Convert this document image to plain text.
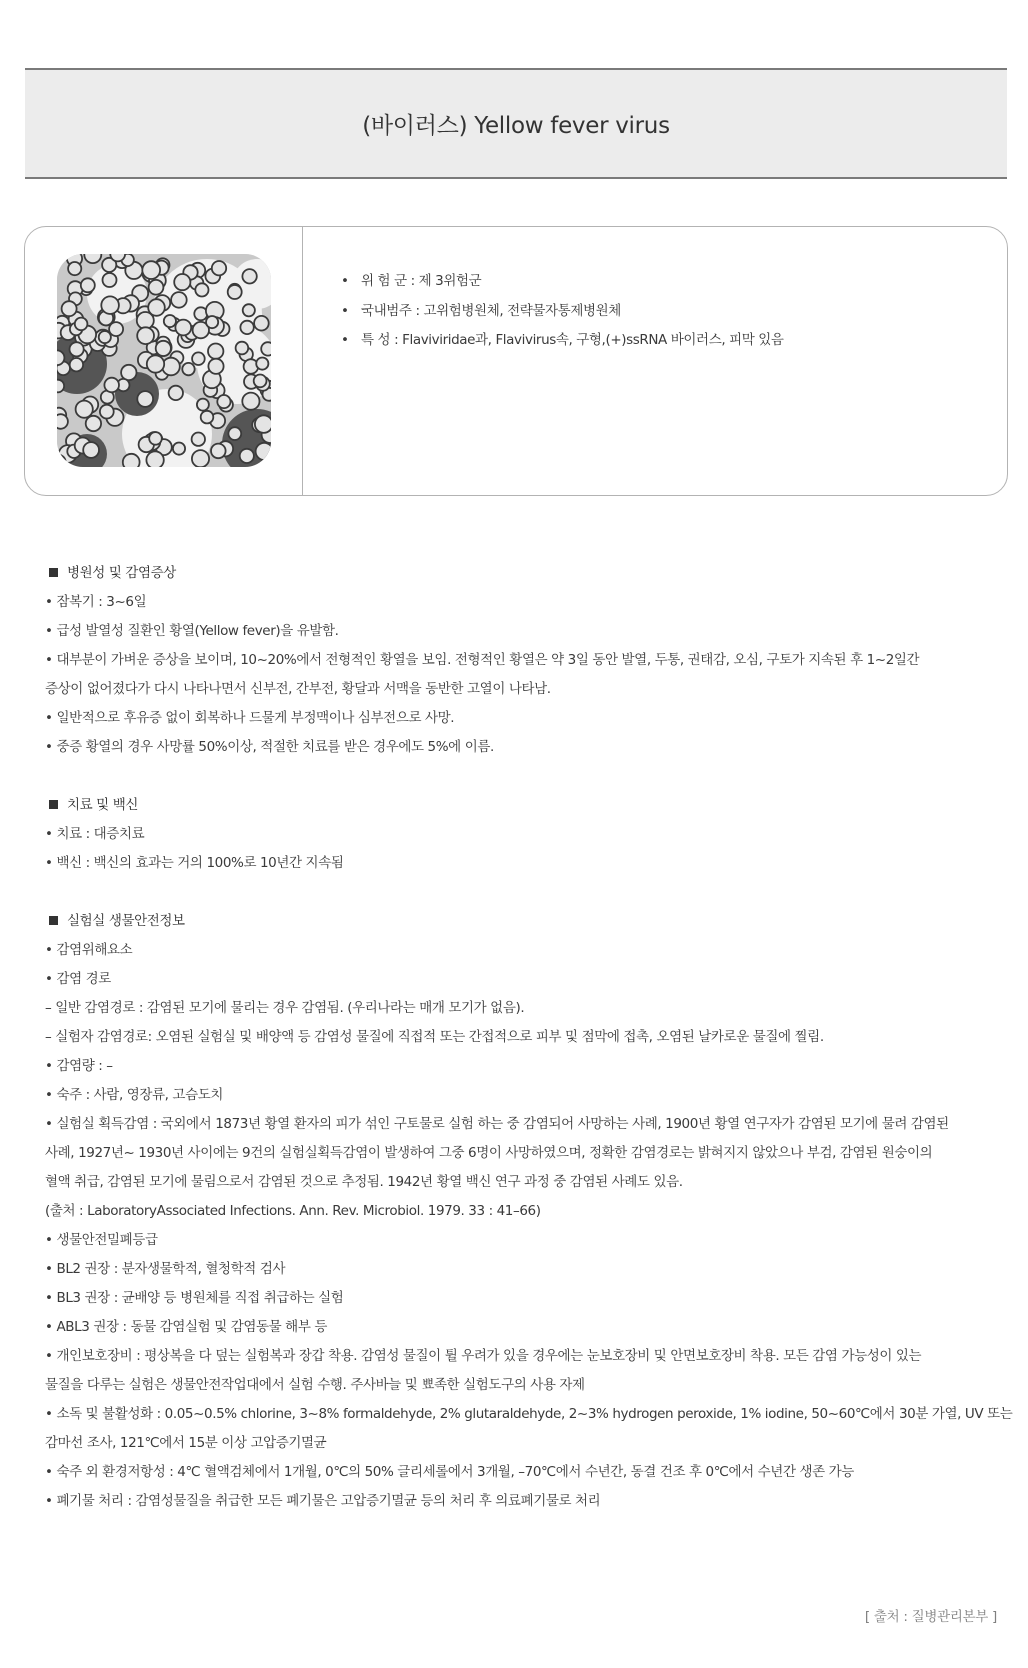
(바이러스) Yellow fever virus
• 위 험 군 : 제 3위험군
• 국내범주 : 고위험병원체, 전략물자통제병원체
• 특 성 : Flaviviridae과, Flavivirus속, 구형,(+)ssRNA 바이러스, 피막 있음
병원성 및 감염증상
• 잠복기 : 3~6일
• 급성 발열성 질환인 황열(Yellow fever)을 유발함.
• 대부분이 가벼운 증상을 보이며, 10~20%에서 전형적인 황열을 보임. 전형적인 황열은 약 3일 동안 발열, 두통, 권태감, 오심, 구토가 지속된 후 1~2일간
증상이 없어졌다가 다시 나타나면서 신부전, 간부전, 황달과 서맥을 동반한 고열이 나타남.
• 일반적으로 후유증 없이 회복하나 드물게 부정맥이나 심부전으로 사망.
• 중증 황열의 경우 사망률 50%이상, 적절한 치료를 받은 경우에도 5%에 이름.
치료 및 백신
• 치료 : 대증치료
• 백신 : 백신의 효과는 거의 100%로 10년간 지속됨
실험실 생물안전정보
• 감염위해요소
• 감염 경로
– 일반 감염경로 : 감염된 모기에 물리는 경우 감염됨. (우리나라는 매개 모기가 없음).
– 실험자 감염경로: 오염된 실험실 및 배양액 등 감염성 물질에 직접적 또는 간접적으로 피부 및 점막에 접촉, 오염된 날카로운 물질에 찔림.
• 감염량 : –
• 숙주 : 사람, 영장류, 고슴도치
• 실험실 획득감염 : 국외에서 1873년 황열 환자의 피가 섞인 구토물로 실험 하는 중 감염되어 사망하는 사례, 1900년 황열 연구자가 감염된 모기에 물려 감염된
사례, 1927년~ 1930년 사이에는 9건의 실험실획득감염이 발생하여 그중 6명이 사망하였으며, 정확한 감염경로는 밝혀지지 않았으나 부검, 감염된 원숭이의
혈액 취급, 감염된 모기에 물림으로서 감염된 것으로 추정됨. 1942년 황열 백신 연구 과정 중 감염된 사례도 있음.
(출처 : LaboratoryAssociated Infections. Ann. Rev. Microbiol. 1979. 33 : 41–66)
• 생물안전밀폐등급
• BL2 권장 : 분자생물학적, 혈청학적 검사
• BL3 권장 : 균배양 등 병원체를 직접 취급하는 실험
• ABL3 권장 : 동물 감염실험 및 감염동물 해부 등
• 개인보호장비 : 평상복을 다 덮는 실험복과 장갑 착용. 감염성 물질이 튈 우려가 있을 경우에는 눈보호장비 및 안면보호장비 착용. 모든 감염 가능성이 있는
물질을 다루는 실험은 생물안전작업대에서 실험 수행. 주사바늘 및 뾰족한 실험도구의 사용 자제
• 소독 및 불활성화 : 0.05~0.5% chlorine, 3~8% formaldehyde, 2% glutaraldehyde, 2~3% hydrogen peroxide, 1% iodine, 50~60℃에서 30분 가열, UV 또는
감마선 조사, 121℃에서 15분 이상 고압증기멸균
• 숙주 외 환경저항성 : 4℃ 혈액검체에서 1개월, 0℃의 50% 글리세롤에서 3개월, –70℃에서 수년간, 동결 건조 후 0℃에서 수년간 생존 가능
• 폐기물 처리 : 감염성물질을 취급한 모든 폐기물은 고압증기멸균 등의 처리 후 의료폐기물로 처리
[ 출처 : 질병관리본부 ]
